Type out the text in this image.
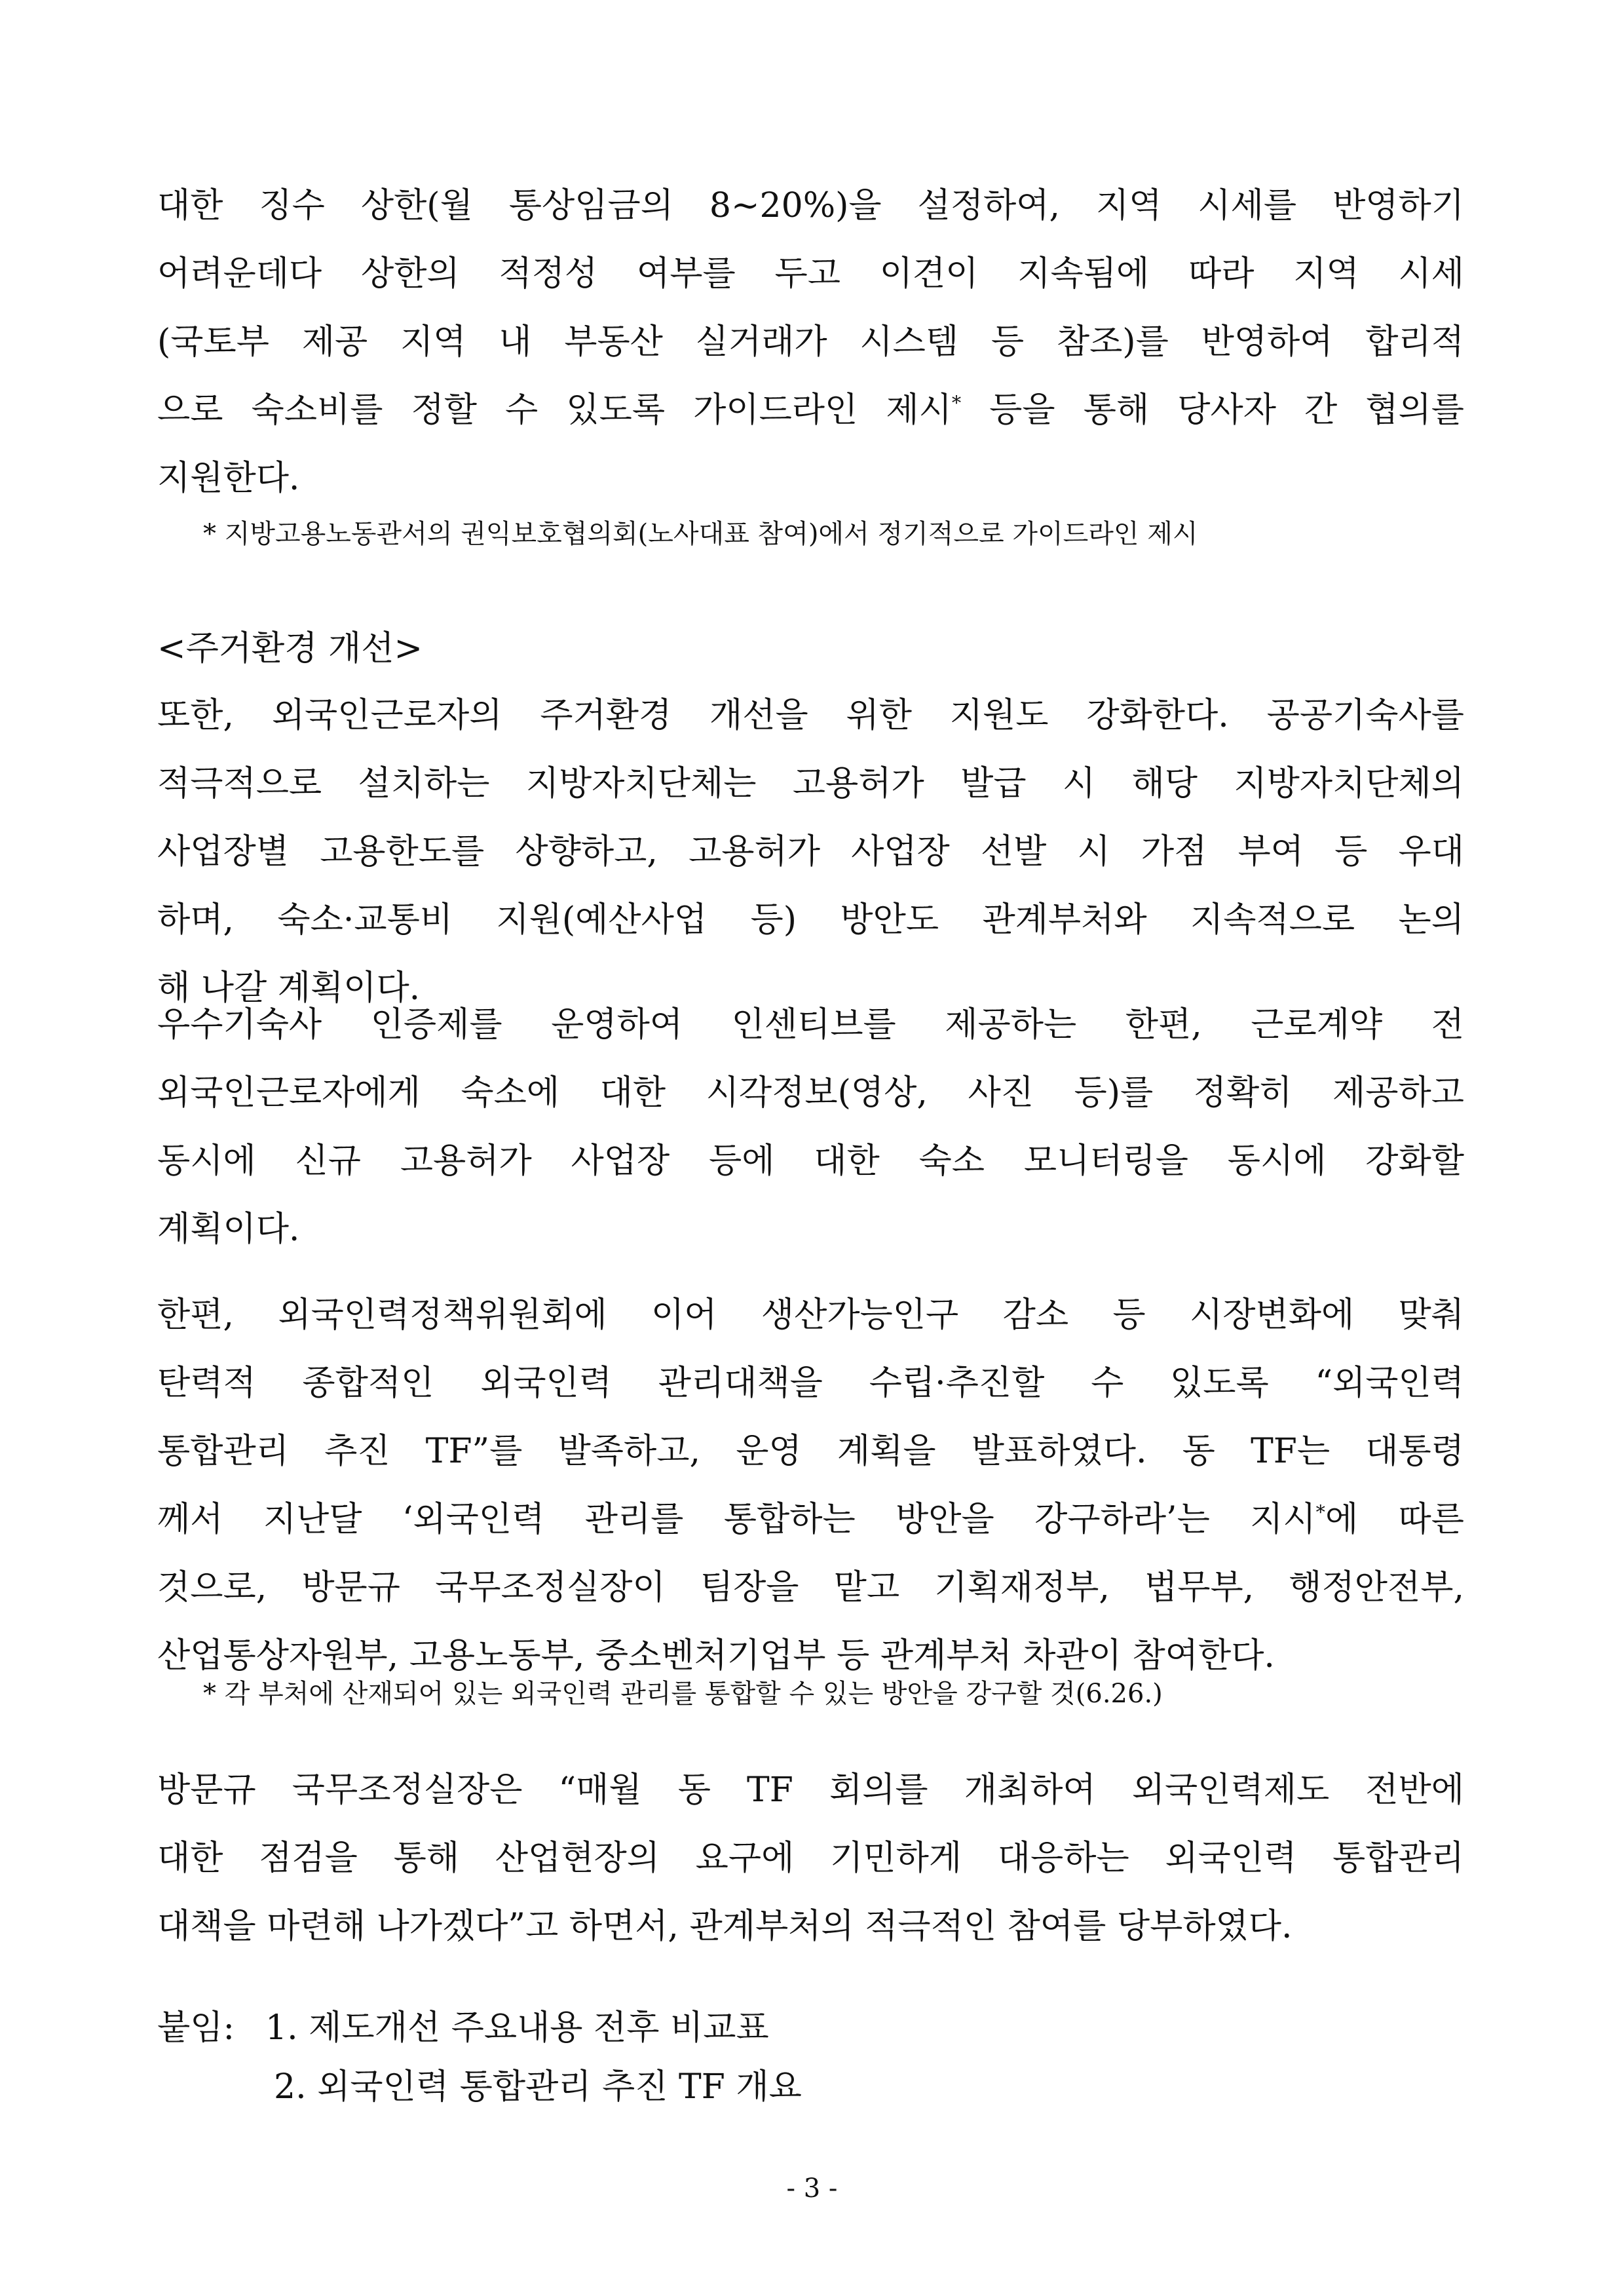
대한 징수 상한(월 통상임금의 8~20%)을 설정하여, 지역 시세를 반영하기
어려운데다 상한의 적정성 여부를 두고 이견이 지속됨에 따라 지역 시세
(국토부 제공 지역 내 부동산 실거래가 시스템 등 참조)를 반영하여 합리적
으로 숙소비를 정할 수 있도록 가이드라인 제시* 등을 통해 당사자 간 협의를
지원한다.
* 지방고용노동관서의 권익보호협의회(노사대표 참여)에서 정기적으로 가이드라인 제시
<주거환경 개선>
또한, 외국인근로자의 주거환경 개선을 위한 지원도 강화한다. 공공기숙사를
적극적으로 설치하는 지방자치단체는 고용허가 발급 시 해당 지방자치단체의
사업장별 고용한도를 상향하고, 고용허가 사업장 선발 시 가점 부여 등 우대
하며, 숙소·교통비 지원(예산사업 등) 방안도 관계부처와 지속적으로 논의
해 나갈 계획이다.
우수기숙사 인증제를 운영하여 인센티브를 제공하는 한편, 근로계약 전
외국인근로자에게 숙소에 대한 시각정보(영상, 사진 등)를 정확히 제공하고
동시에 신규 고용허가 사업장 등에 대한 숙소 모니터링을 동시에 강화할
계획이다.
한편, 외국인력정책위원회에 이어 생산가능인구 감소 등 시장변화에 맞춰
탄력적 종합적인 외국인력 관리대책을 수립·추진할 수 있도록 “외국인력
통합관리 추진 TF”를 발족하고, 운영 계획을 발표하였다. 동 TF는 대통령
께서 지난달 ‘외국인력 관리를 통합하는 방안을 강구하라’는 지시*에 따른
것으로, 방문규 국무조정실장이 팀장을 맡고 기획재정부, 법무부, 행정안전부,
산업통상자원부, 고용노동부, 중소벤처기업부 등 관계부처 차관이 참여한다.
* 각 부처에 산재되어 있는 외국인력 관리를 통합할 수 있는 방안을 강구할 것(6.26.)
방문규 국무조정실장은 “매월 동 TF 회의를 개최하여 외국인력제도 전반에
대한 점검을 통해 산업현장의 요구에 기민하게 대응하는 외국인력 통합관리
대책을 마련해 나가겠다”고 하면서, 관계부처의 적극적인 참여를 당부하였다.
붙임: 1. 제도개선 주요내용 전후 비교표
2. 외국인력 통합관리 추진 TF 개요
- 3 -
